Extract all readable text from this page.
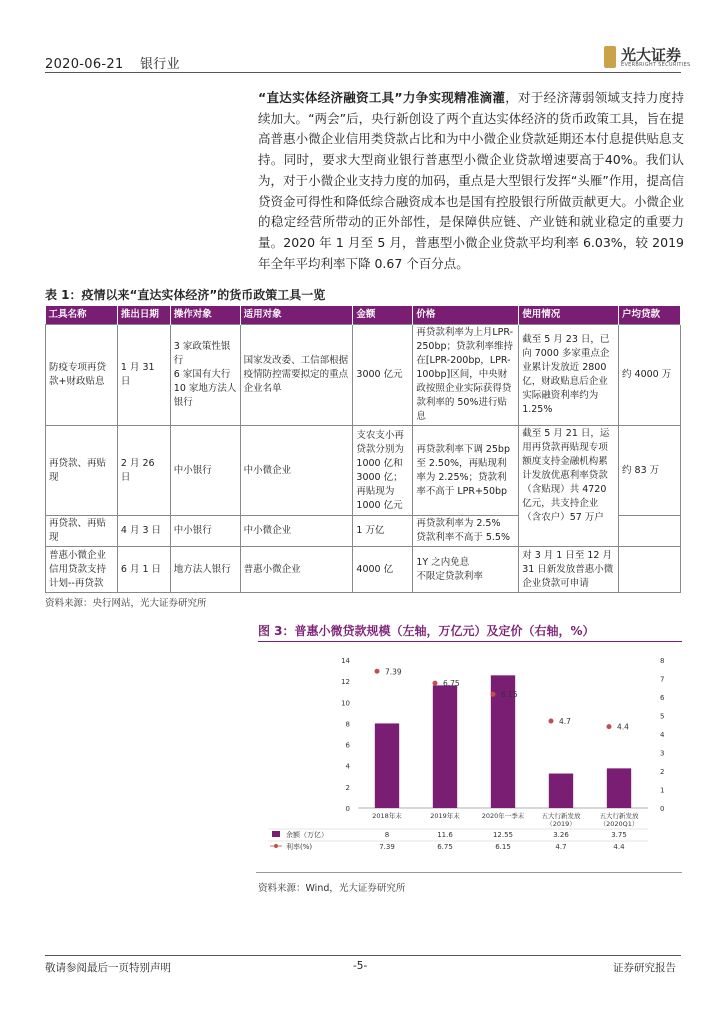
2020-06-21 银行业
光大证券
EVERBRIGHT SECURITIES
“直达实体经济融资工具”力争实现精准滴灌，对于经济薄弱领域支持力度持续加大。“两会”后，央行新创设了两个直达实体经济的货币政策工具，旨在提高普惠小微企业信用类贷款占比和为中小微企业贷款延期还本付息提供贴息支持。同时，要求大型商业银行普惠型小微企业贷款增速要高于40%。我们认为，对于小微企业支持力度的加码，重点是大型银行发挥“头雁”作用，提高信贷资金可得性和降低综合融资成本也是国有控股银行所做贡献更大。小微企业的稳定经营所带动的正外部性，是保障供应链、产业链和就业稳定的重要力量。2020 年 1 月至 5 月，普惠型小微企业贷款平均利率 6.03%，较 2019 年全年平均利率下降 0.67 个百分点。
表 1：疫情以来“直达实体经济”的货币政策工具一览
工具名称	推出日期	操作对象	适用对象	金额	价格	使用情况	户均贷款
防疫专项再贷款+财政贴息	1 月 31 日	3 家政策性银行
6 家国有大行
10 家地方法人银行	国家发改委、工信部根据疫情防控需要拟定的重点企业名单	3000 亿元	再贷款利率为上月LPR-250bp；贷款利率维持在[LPR-200bp，LPR-100bp]区间，中央财政按照企业实际获得贷款利率的 50%进行贴息	截至 5 月 23 日，已向 7000 多家重点企业累计发放近 2800 亿，财政贴息后企业实际融资利率约为 1.25%	约 4000 万
再贷款、再贴现	2 月 26 日	中小银行	中小微企业	支农支小再贷款分别为 1000 亿和 3000 亿；再贴现为 1000 亿元	再贷款利率下调 25bp 至 2.50%，再贴现利率为 2.25%；贷款利率不高于 LPR+50bp	截至 5 月 21 日，运用再贷款再贴现专项额度支持金融机构累计发放优惠利率贷款（含贴现）共 4720 亿元，共支持企业（含农户）57 万户	约 83 万
再贷款、再贴现	4 月 3 日	中小银行	中小微企业	1 万亿	再贷款利率为 2.5%
贷款利率不高于 5.5%		
普惠小微企业信用贷款支持计划--再贷款	6 月 1 日	地方法人银行	普惠小微企业	4000 亿	1Y 之内免息
不限定贷款利率	对 3 月 1 日至 12 月 31 日新发放普惠小微企业贷款可申请	
资料来源：央行网站，光大证券研究所
图 3：普惠小微贷款规模（左轴，万亿元）及定价（右轴，%）
0
2
4
6
8
10
12
14
0
1
2
3
4
5
6
7
8
7.39
6.75
6.15
4.7
4.4
2018年末	2019年末	2020年一季末	五大行新发放
（2019）
五大行新发放
（2020Q1）
余额（万亿）	8	11.6	12.55	3.26	3.75
利率(%)	7.39	6.75	6.15	4.7	4.4
资料来源：Wind，光大证券研究所
敬请参阅最后一页特别声明	-5-	证券研究报告
